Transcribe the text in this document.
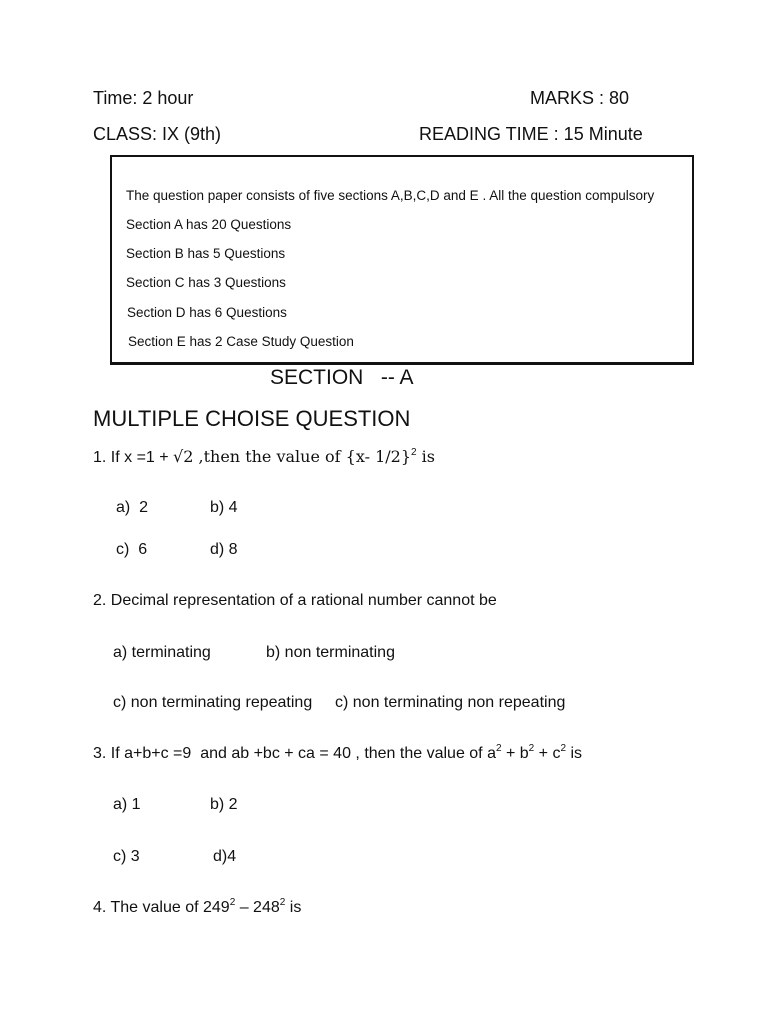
Time: 2 hour	MARKS : 80
CLASS: IX (9th)	READING TIME : 15 Minute
The question paper consists of five sections A,B,C,D and E . All the question compulsory
Section A has 20 Questions
Section B has 5 Questions
Section C has 3 Questions
Section D has 6 Questions
Section E has 2 Case Study Question
SECTION   -- A
MULTIPLE CHOISE QUESTION
1. If x =1 + √2 ,then the value of {x- 1/2}$^2$ is
a)  2	b) 4
c)  6	d) 8
2. Decimal representation of a rational number cannot be
a) terminating	b) non terminating
c) non terminating repeating c) non terminating non repeating
3. If a+b+c =9  and ab +bc + ca = 40 , then the value of $a^2 + b^2 + c^2$ is
a) 1	b) 2
c) 3	d)4
4. The value of $249^2 - 248^2$ is
